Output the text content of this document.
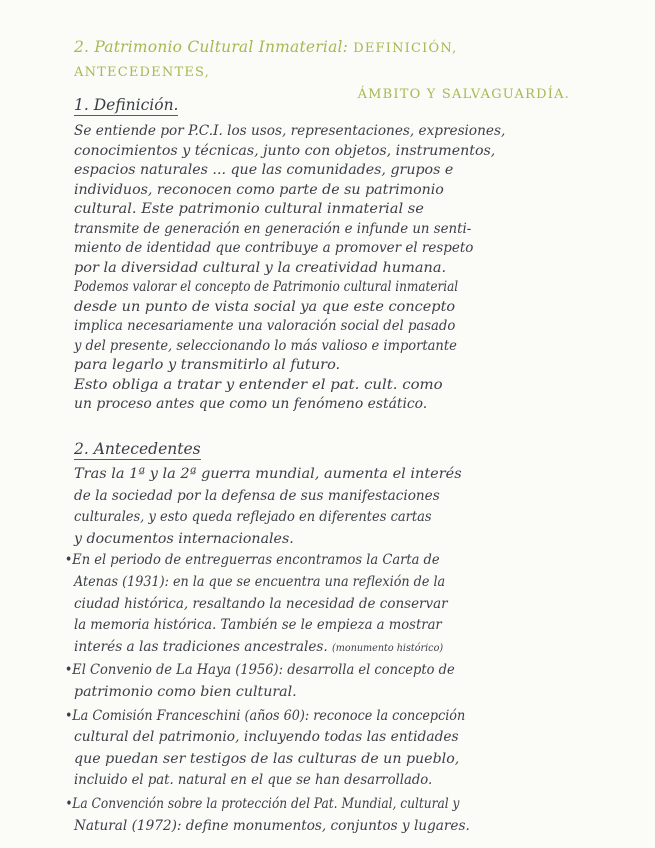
2. Patrimonio Cultural Inmaterial: DEFINICIÓN, ANTECEDENTES,
ÁMBITO Y SALVAGUARDÍA.
1. Definición.
Se entiende por P.C.I. los usos, representaciones, expresiones,
conocimientos y técnicas, junto con objetos, instrumentos,
espacios naturales ... que las comunidades, grupos e
individuos, reconocen como parte de su patrimonio
cultural. Este patrimonio cultural inmaterial se
transmite de generación en generación e infunde un senti-
miento de identidad que contribuye a promover el respeto
por la diversidad cultural y la creatividad humana.
Podemos valorar el concepto de Patrimonio cultural inmaterial
desde un punto de vista social ya que este concepto
implica necesariamente una valoración social del pasado
y del presente, seleccionando lo más valioso e importante
para legarlo y transmitirlo al futuro.
Esto obliga a tratar y entender el pat. cult. como
un proceso antes que como un fenómeno estático.
2. Antecedentes
Tras la 1ª y la 2ª guerra mundial, aumenta el interés
de la sociedad por la defensa de sus manifestaciones
culturales, y esto queda reflejado en diferentes cartas
y documentos internacionales.
• En el periodo de entreguerras encontramos la Carta de
Atenas (1931): en la que se encuentra una reflexión de la
ciudad histórica, resaltando la necesidad de conservar
la memoria histórica. También se le empieza a mostrar
interés a las tradiciones ancestrales. (monumento histórico)
• El Convenio de La Haya (1956): desarrolla el concepto de
patrimonio como bien cultural.
• La Comisión Franceschini (años 60): reconoce la concepción
cultural del patrimonio, incluyendo todas las entidades
que puedan ser testigos de las culturas de un pueblo,
incluido el pat. natural en el que se han desarrollado.
• La Convención sobre la protección del Pat. Mundial, cultural y
Natural (1972): define monumentos, conjuntos y lugares.
